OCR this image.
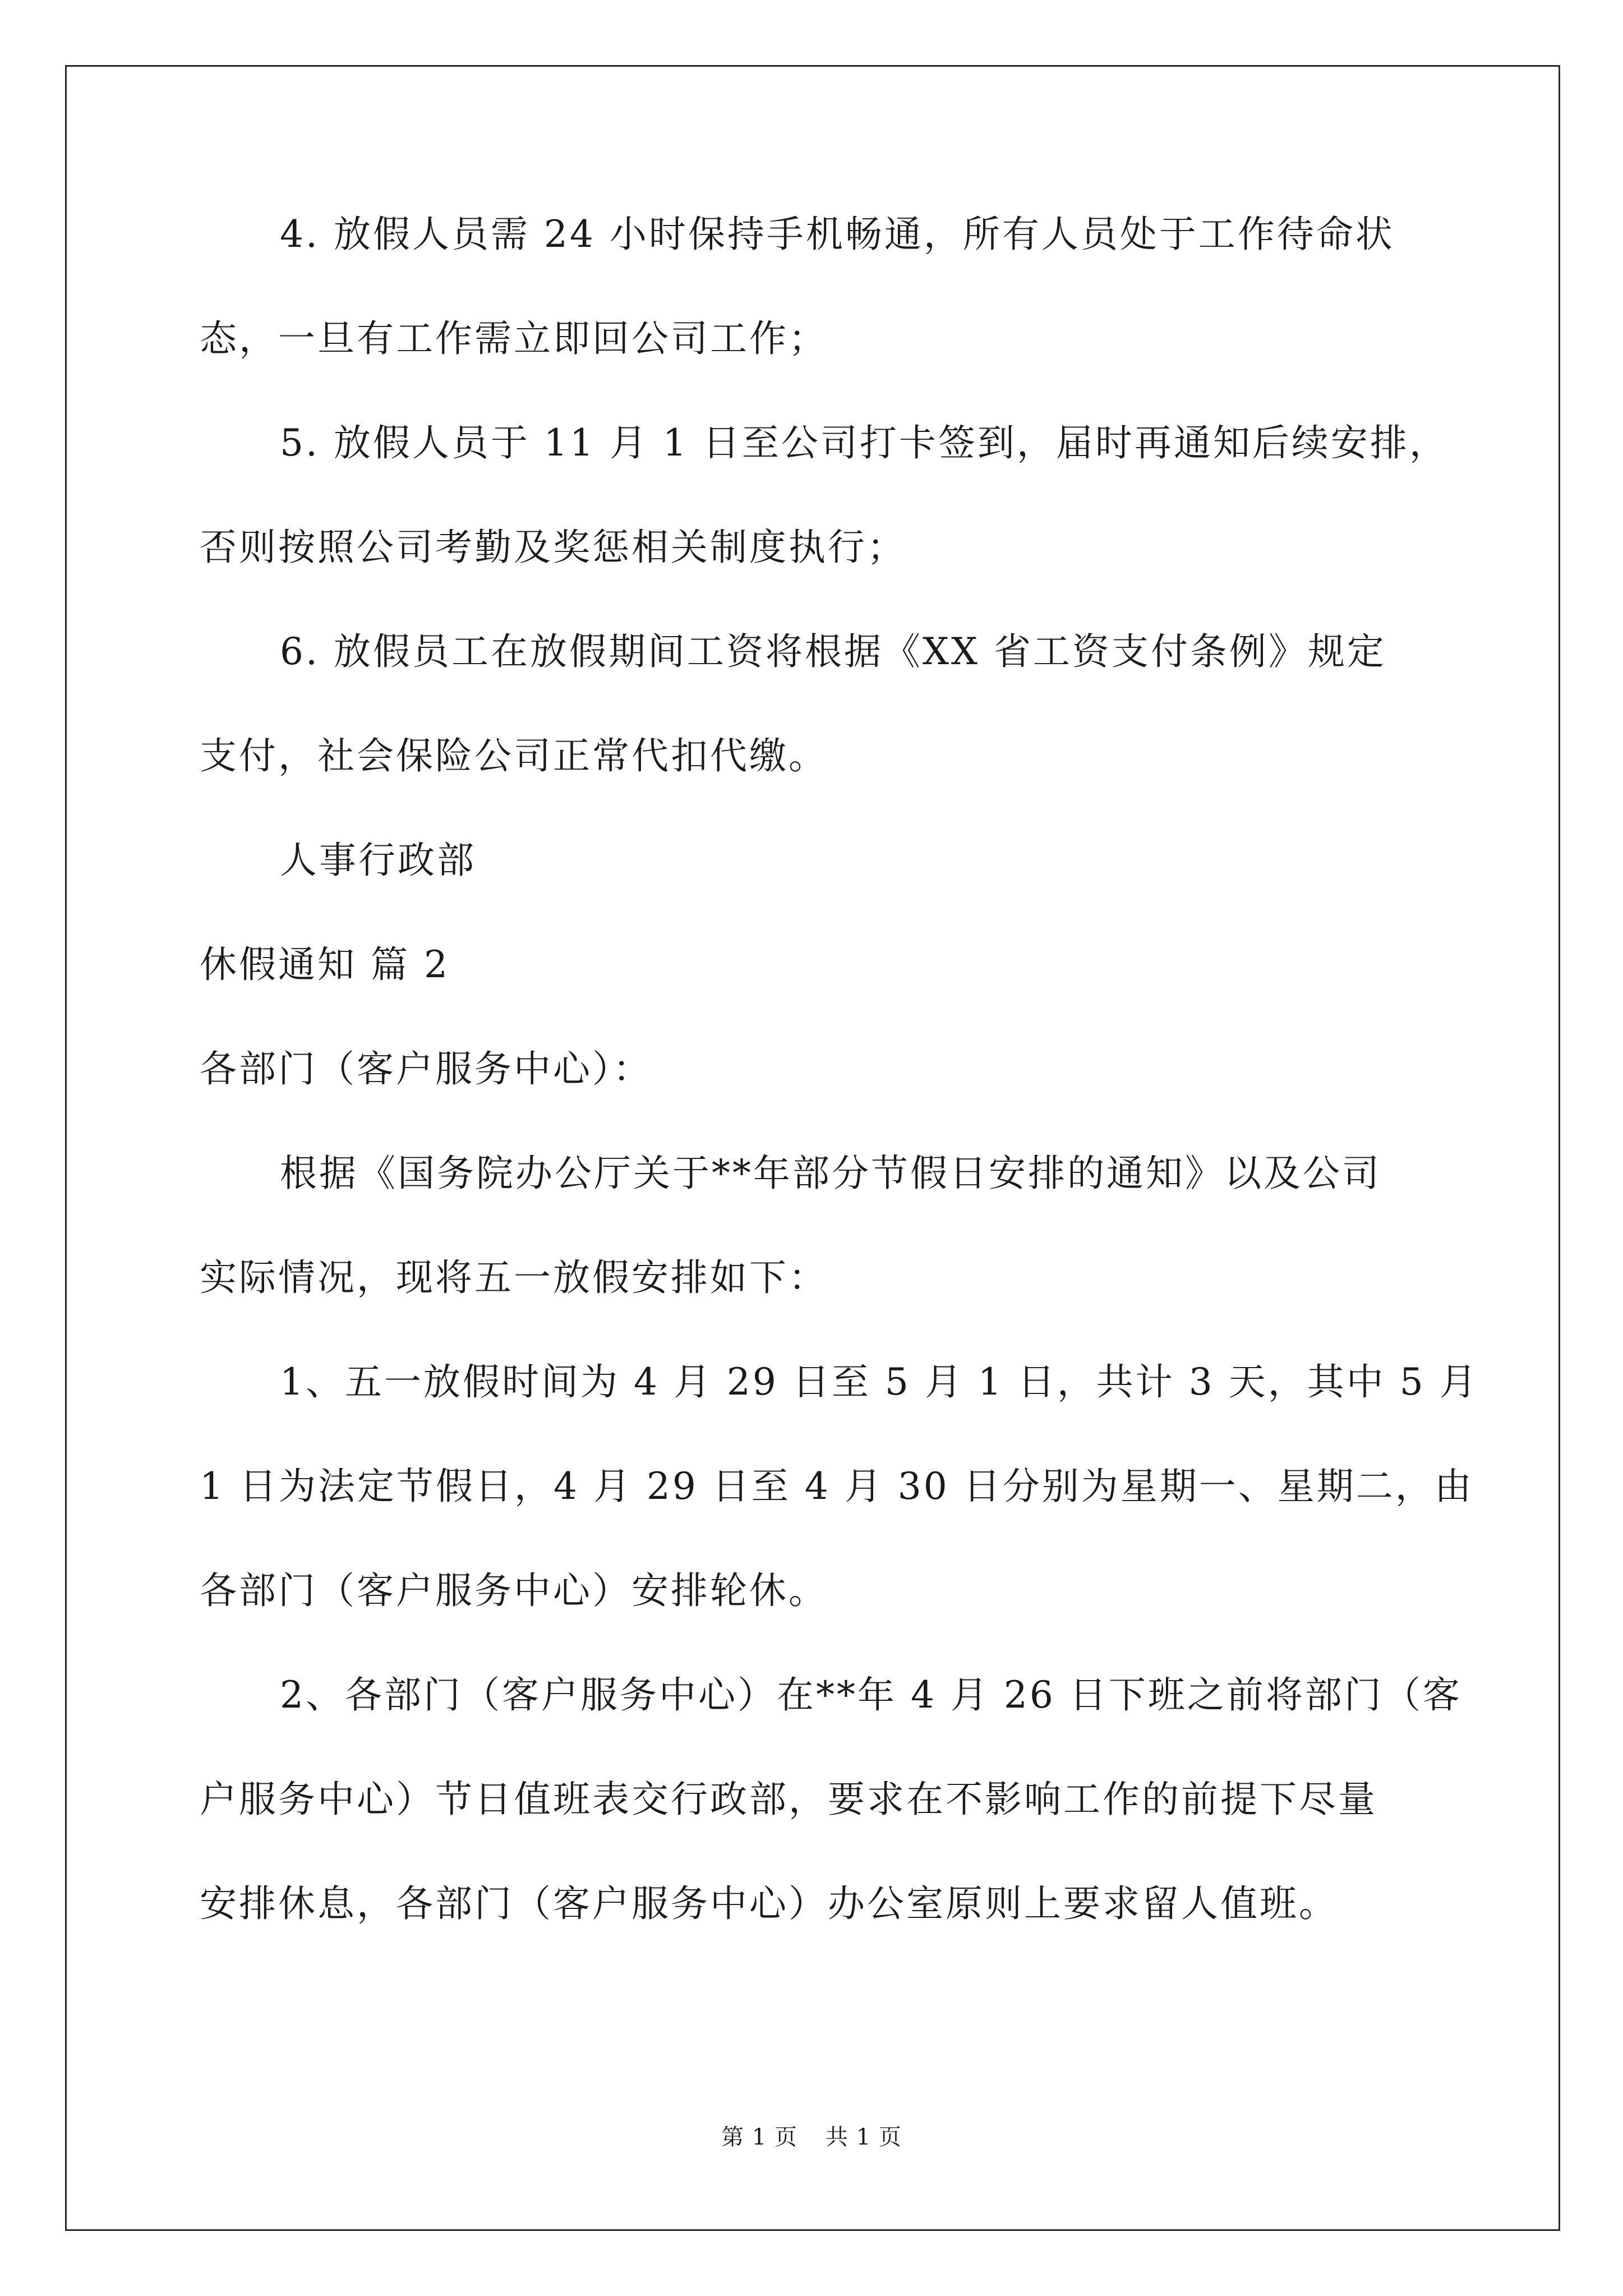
4. 放假人员需 24 小时保持手机畅通，所有人员处于工作待命状
态，一旦有工作需立即回公司工作；
5. 放假人员于 11 月 1 日至公司打卡签到，届时再通知后续安排，
否则按照公司考勤及奖惩相关制度执行；
6. 放假员工在放假期间工资将根据《XX 省工资支付条例》规定
支付，社会保险公司正常代扣代缴。
人事行政部
休假通知 篇 2
各部门（客户服务中心）：
根据《国务院办公厅关于**年部分节假日安排的通知》以及公司
实际情况，现将五一放假安排如下：
1、五一放假时间为 4 月 29 日至 5 月 1 日，共计 3 天，其中 5 月
1 日为法定节假日，4 月 29 日至 4 月 30 日分别为星期一、星期二，由
各部门（客户服务中心）安排轮休。
2、各部门（客户服务中心）在**年 4 月 26 日下班之前将部门（客
户服务中心）节日值班表交行政部，要求在不影响工作的前提下尽量
安排休息，各部门（客户服务中心）办公室原则上要求留人值班。
第 1 页 共 1 页
